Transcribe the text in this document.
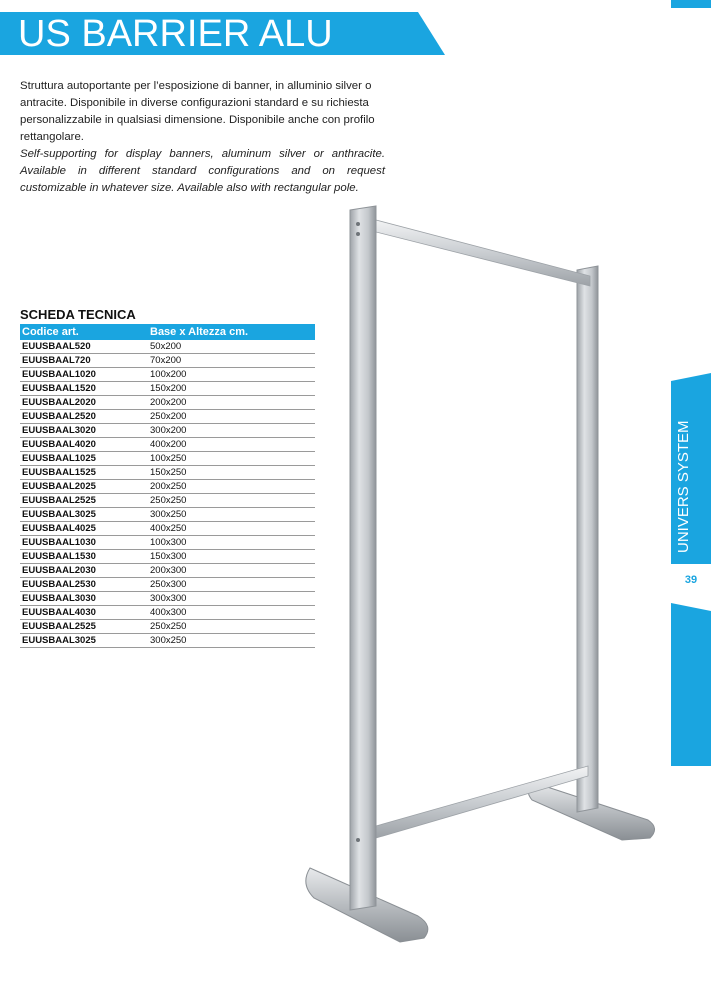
US BARRIER ALU

Struttura autoportante per l’esposizione di banner, in alluminio silver o antracite. Disponibile in diverse configurazioni standard e su richiesta personalizzabile in qualsiasi dimensione. Disponibile anche con profilo rettangolare.

Self-supporting for display banners, aluminum silver or anthracite. Available in different standard configurations and on request customizable in whatever size. Available also with rectangular pole.

SCHEDA TECNICA
Codice art.	Base x Altezza cm.
EUUSBAAL520	50x200
EUUSBAAL720	70x200
EUUSBAAL1020	100x200
EUUSBAAL1520	150x200
EUUSBAAL2020	200x200
EUUSBAAL2520	250x200
EUUSBAAL3020	300x200
EUUSBAAL4020	400x200
EUUSBAAL1025	100x250
EUUSBAAL1525	150x250
EUUSBAAL2025	200x250
EUUSBAAL2525	250x250
EUUSBAAL3025	300x250
EUUSBAAL4025	400x250
EUUSBAAL1030	100x300
EUUSBAAL1530	150x300
EUUSBAAL2030	200x300
EUUSBAAL2530	250x300
EUUSBAAL3030	300x300
EUUSBAAL4030	400x300
EUUSBAAL2525	250x250
EUUSBAAL3025	300x250
UNIVERS SYSTEM
39
